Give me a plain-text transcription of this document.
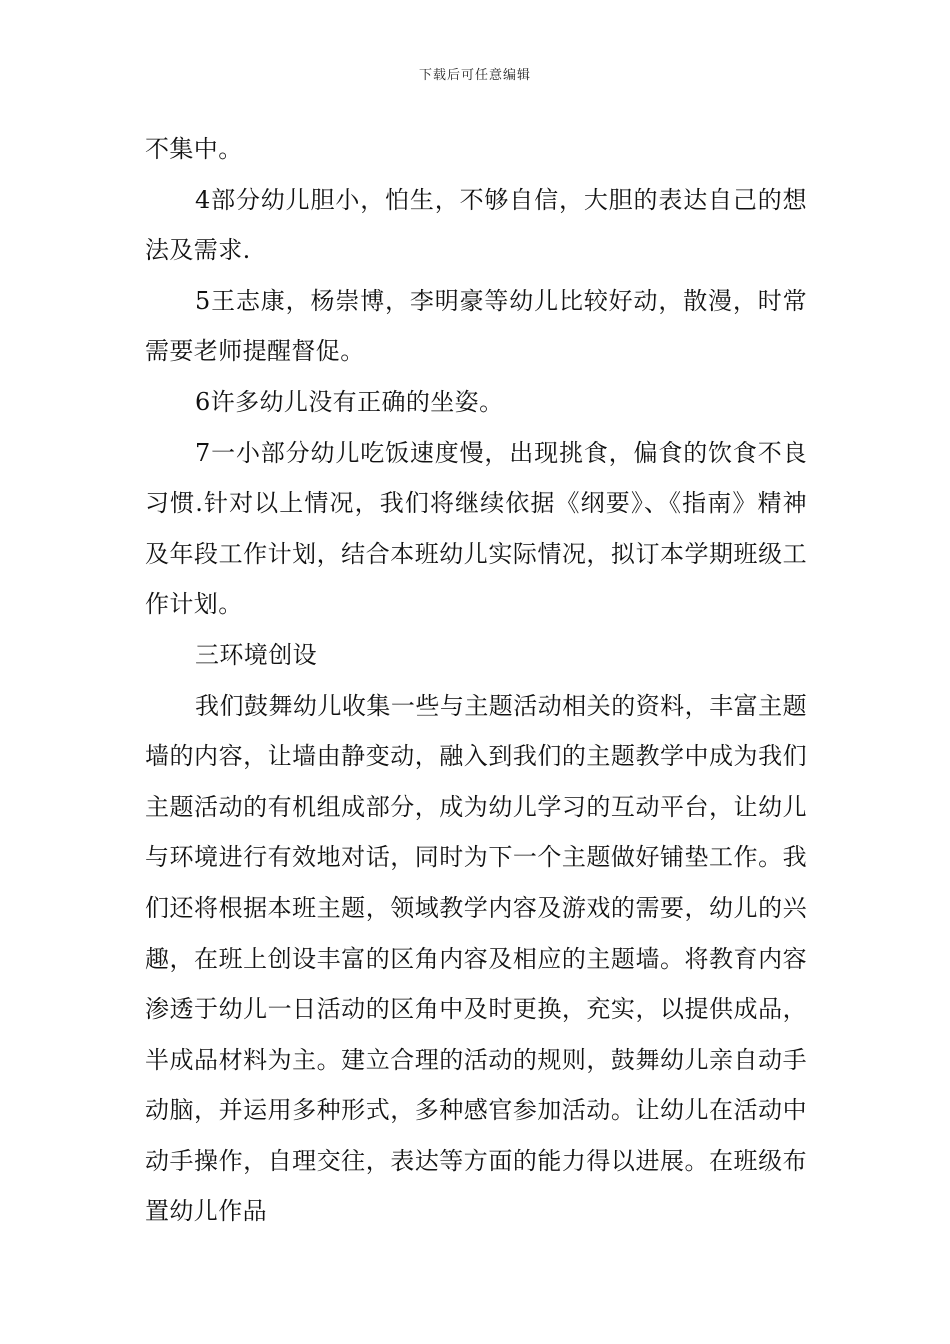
下载后可任意编辑

不集中。

4部分幼儿胆小，怕生，不够自信，大胆的表达自己的想法及需求.

5王志康，杨崇博，李明豪等幼儿比较好动，散漫，时常需要老师提醒督促。

6许多幼儿没有正确的坐姿。

7一小部分幼儿吃饭速度慢，出现挑食，偏食的饮食不良习惯.针对以上情况，我们将继续依据《纲要》、《指南》精神及年段工作计划，结合本班幼儿实际情况，拟订本学期班级工作计划。

三环境创设

我们鼓舞幼儿收集一些与主题活动相关的资料，丰富主题墙的内容，让墙由静变动，融入到我们的主题教学中成为我们主题活动的有机组成部分，成为幼儿学习的互动平台，让幼儿与环境进行有效地对话，同时为下一个主题做好铺垫工作。我们还将根据本班主题，领域教学内容及游戏的需要，幼儿的兴趣，在班上创设丰富的区角内容及相应的主题墙。将教育内容渗透于幼儿一日活动的区角中及时更换，充实，以提供成品，半成品材料为主。建立合理的活动的规则，鼓舞幼儿亲自动手动脑，并运用多种形式，多种感官参加活动。让幼儿在活动中动手操作，自理交往，表达等方面的能力得以进展。在班级布置幼儿作品
